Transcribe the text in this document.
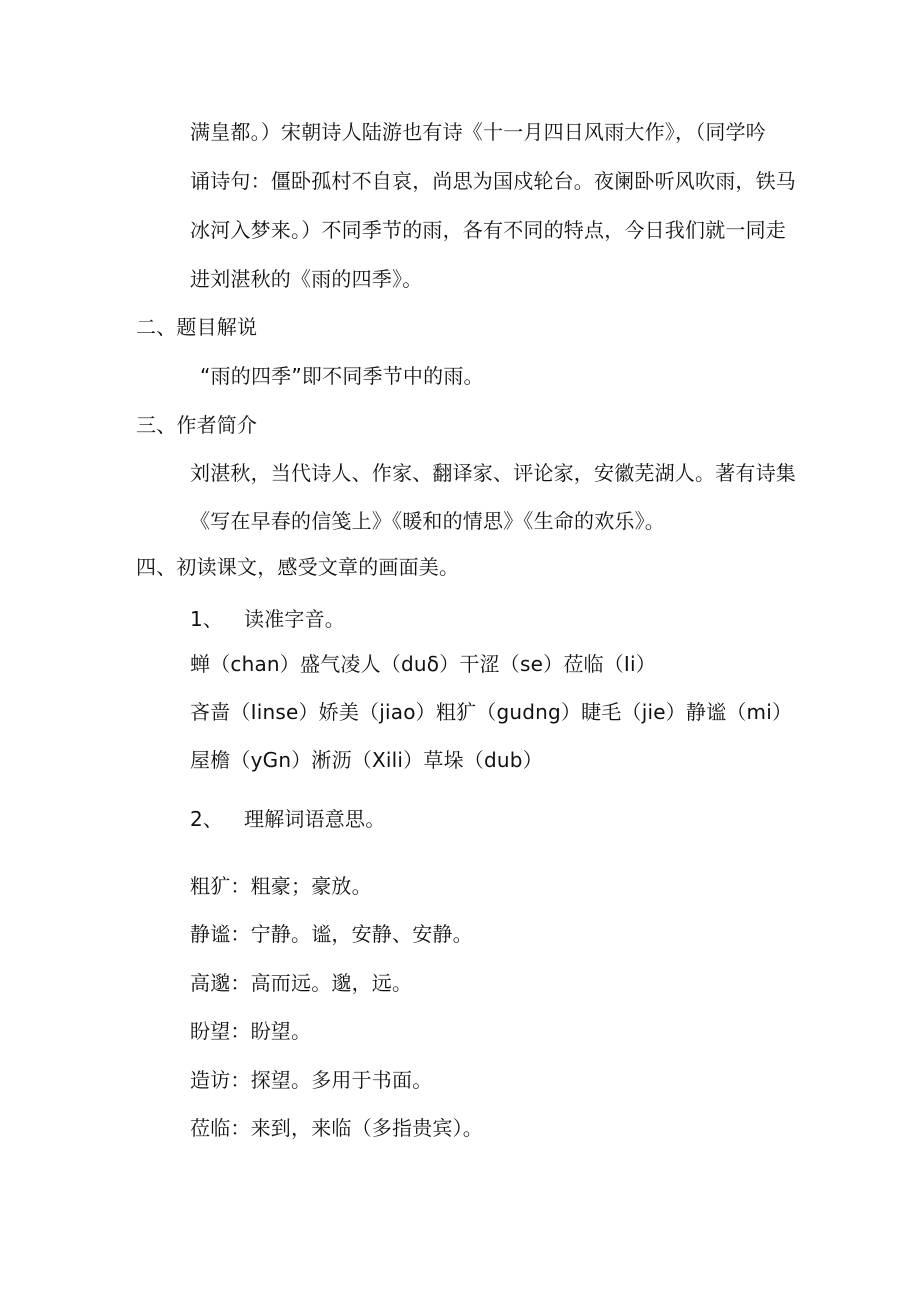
满皇都。）宋朝诗人陆游也有诗《十一月四日风雨大作》，（同学吟
诵诗句：僵卧孤村不自哀，尚思为国戍轮台。夜阑卧听风吹雨，铁马
冰河入梦来。）不同季节的雨，各有不同的特点，今日我们就一同走
进刘湛秋的《雨的四季》。
二、题目解说
“雨的四季”即不同季节中的雨。
三、作者简介
刘湛秋，当代诗人、作家、翻译家、评论家，安徽芜湖人。著有诗集
《写在早春的信笺上》《暖和的情思》《生命的欢乐》。
四、初读课文，感受文章的画面美。
1、 读准字音。
蝉（chan）盛气凌人（duδ）干涩（se）莅临（Ii）
吝啬（Iinse）娇美（jiao）粗犷（gudng）睫毛（jie）静谧（mi）
屋檐（yGn）淅沥（Xili）草垛（dub）
2、 理解词语意思。
粗犷：粗豪；豪放。
静谧：宁静。谧，安静、安静。
高邈：高而远。邈，远。
盼望：盼望。
造访：探望。多用于书面。
莅临：来到，来临（多指贵宾）。
